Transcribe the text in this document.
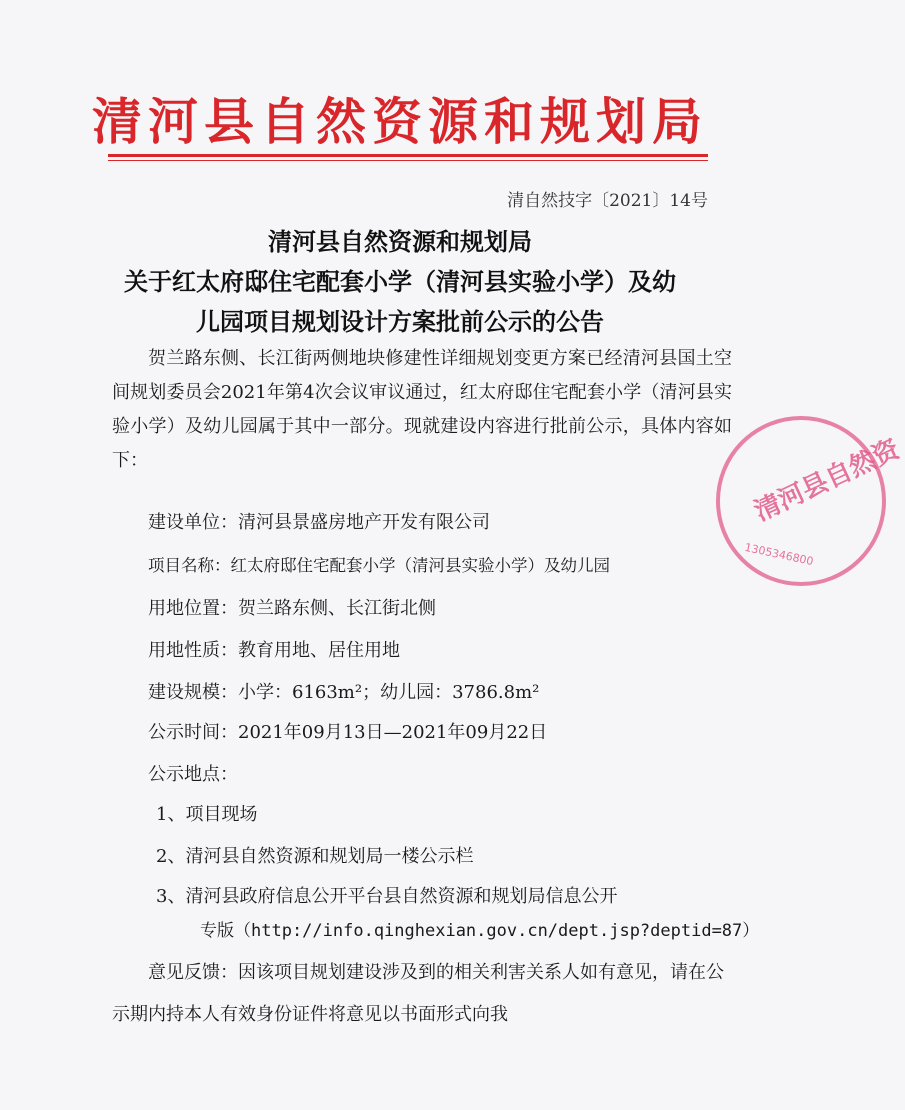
清河县自然资源和规划局
清自然技字〔2021〕14号
清河县自然资源和规划局
关于红太府邸住宅配套小学（清河县实验小学）及幼
儿园项目规划设计方案批前公示的公告
贺兰路东侧、长江街两侧地块修建性详细规划变更方案已经清河县国土空间规划委员会2021年第4次会议审议通过，红太府邸住宅配套小学（清河县实验小学）及幼儿园属于其中一部分。现就建设内容进行批前公示，具体内容如下：
建设单位：清河县景盛房地产开发有限公司
项目名称：红太府邸住宅配套小学（清河县实验小学）及幼儿园
用地位置：贺兰路东侧、长江街北侧
用地性质：教育用地、居住用地
建设规模：小学：6163m²；幼儿园：3786.8m²
公示时间：2021年09月13日—2021年09月22日
公示地点：
1、项目现场
2、清河县自然资源和规划局一楼公示栏
3、清河县政府信息公开平台县自然资源和规划局信息公开
专版（http://info.qinghexian.gov.cn/dept.jsp?deptid=87）
意见反馈：因该项目规划建设涉及到的相关利害关系人如有意见，请在公示期内持本人有效身份证件将意见以书面形式向我
清河县自然资
1305346800
